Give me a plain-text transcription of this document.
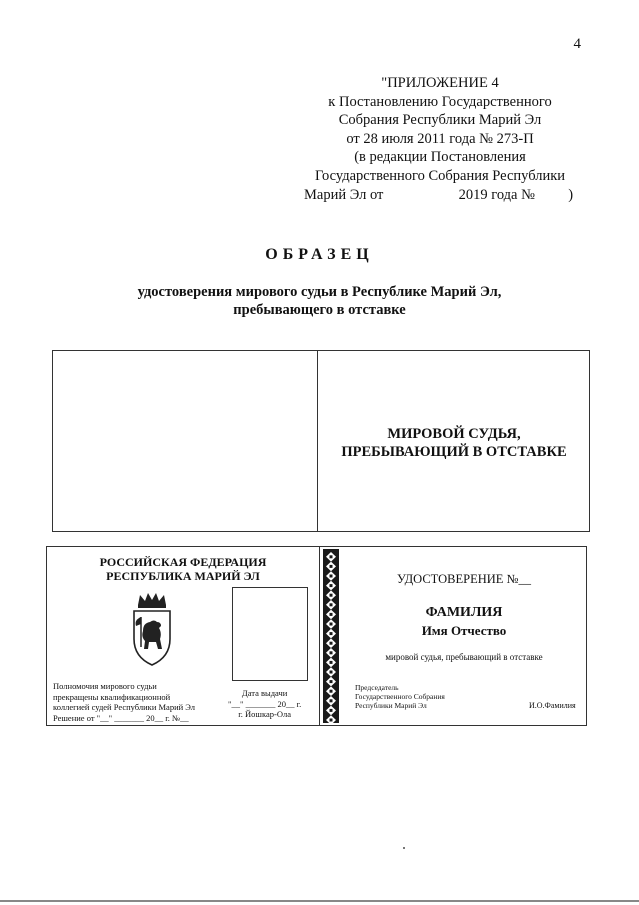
4
"ПРИЛОЖЕНИЕ 4
к Постановлению Государственного
Собрания Республики Марий Эл
от 28 июля 2011 года № 273-П
(в редакции Постановления
Государственного Собрания Республики
Марий Эл от	2019 года № )
ОБРАЗЕЦ
удостоверения мирового судьи в Республике Марий Эл,
пребывающего в отставке
МИРОВОЙ СУДЬЯ,
ПРЕБЫВАЮЩИЙ В ОТСТАВКЕ
РОССИЙСКАЯ ФЕДЕРАЦИЯ
РЕСПУБЛИКА МАРИЙ ЭЛ
Полномочия мирового судьи
прекращены квалификационной
коллегией судей Республики Марий Эл
Решение от "__" _______ 20__ г. №__
Дата выдачи
"__" _______ 20__ г.
г. Йошкар-Ола
УДОСТОВЕРЕНИЕ №__
ФАМИЛИЯ
Имя Отчество
мировой судья, пребывающий в отставке
Председатель
Государственного Собрания
Республики Марий Эл	И.О.Фамилия
